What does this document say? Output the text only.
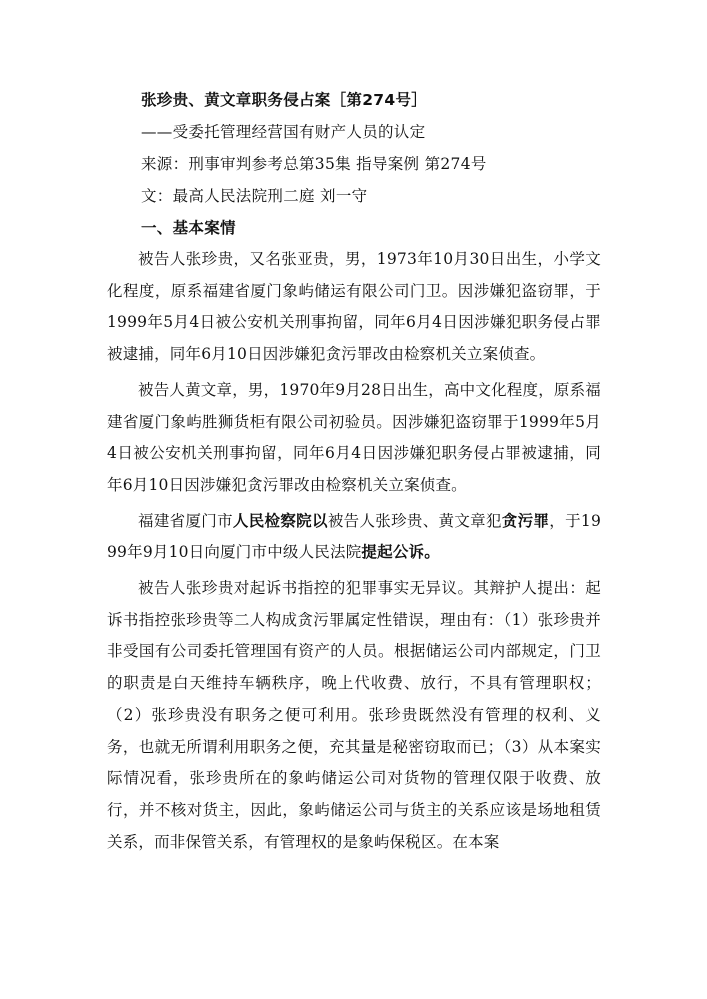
张珍贵、黄文章职务侵占案［第274号］
——受委托管理经营国有财产人员的认定
来源：刑事审判参考总第35集 指导案例 第274号
文：最高人民法院刑二庭 刘一守
一、基本案情

被告人张珍贵，又名张亚贵，男，1973年10月30日出生，小学文化程度，原系福建省厦门象屿储运有限公司门卫。因涉嫌犯盗窃罪，于1999年5月4日被公安机关刑事拘留，同年6月4日因涉嫌犯职务侵占罪被逮捕，同年6月10日因涉嫌犯贪污罪改由检察机关立案侦查。

被告人黄文章，男，1970年9月28日出生，高中文化程度，原系福建省厦门象屿胜狮货柜有限公司初验员。因涉嫌犯盗窃罪于1999年5月4日被公安机关刑事拘留，同年6月4日因涉嫌犯职务侵占罪被逮捕，同年6月10日因涉嫌犯贪污罪改由检察机关立案侦查。

福建省厦门市人民检察院以被告人张珍贵、黄文章犯贪污罪，于1999年9月10日向厦门市中级人民法院提起公诉。

被告人张珍贵对起诉书指控的犯罪事实无异议。其辩护人提出：起诉书指控张珍贵等二人构成贪污罪属定性错误，理由有：（1）张珍贵并非受国有公司委托管理国有资产的人员。根据储运公司内部规定，门卫的职责是白天维持车辆秩序，晚上代收费、放行，不具有管理职权；（2）张珍贵没有职务之便可利用。张珍贵既然没有管理的权利、义务，也就无所谓利用职务之便，充其量是秘密窃取而已；（3）从本案实际情况看，张珍贵所在的象屿储运公司对货物的管理仅限于收费、放行，并不核对货主，因此，象屿储运公司与货主的关系应该是场地租赁关系，而非保管关系，有管理权的是象屿保税区。在本案
